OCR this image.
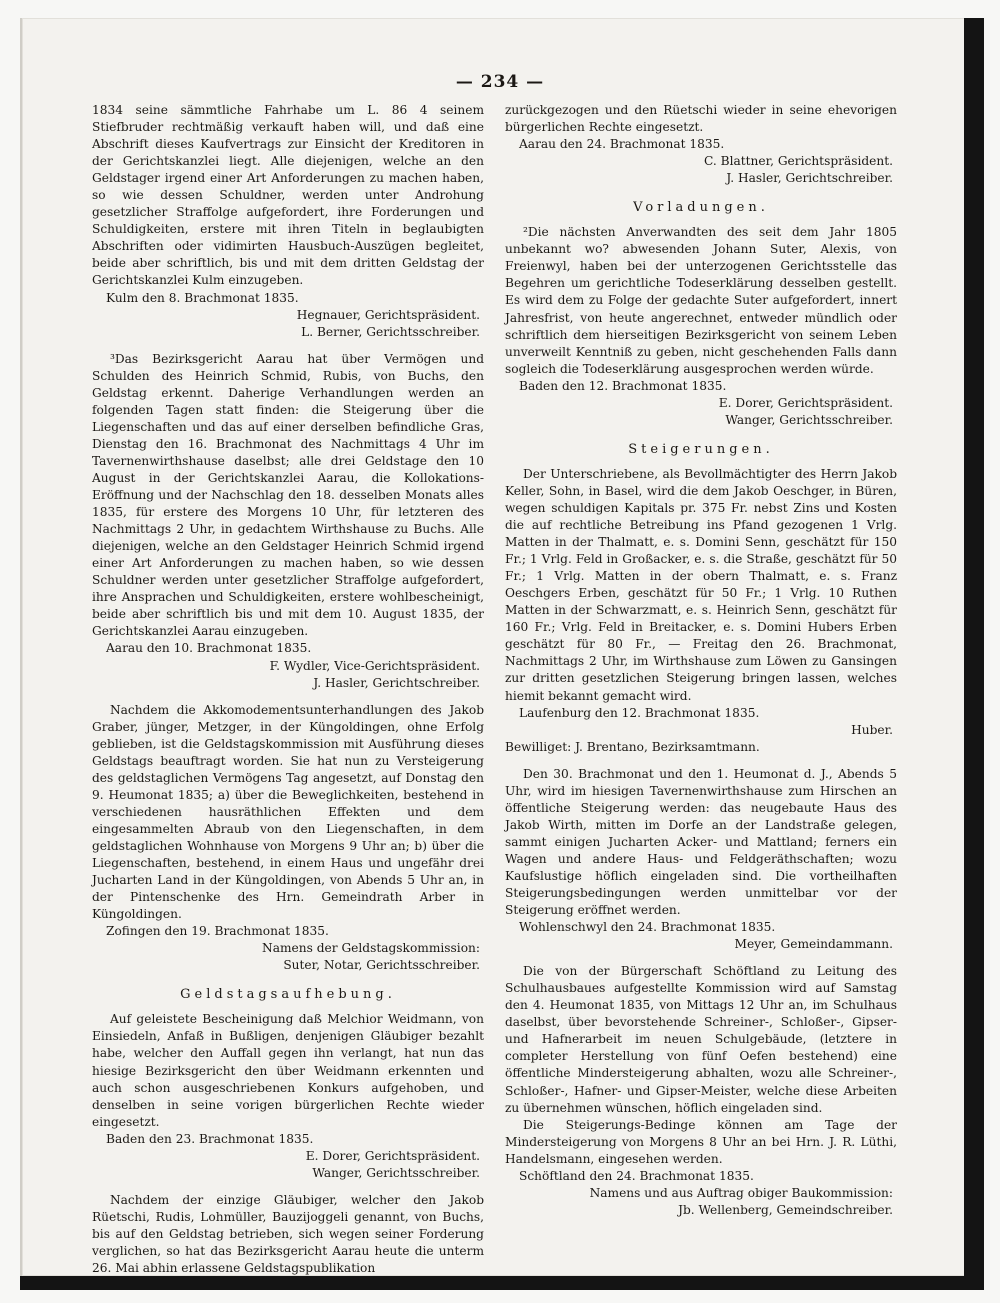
— 234 —

1834 seine sämmtliche Fahrhabe um L. 86 4 seinem Stiefbruder rechtmäßig verkauft haben will, und daß eine Abschrift dieses Kaufvertrags zur Einsicht der Kreditoren in der Gerichtskanzlei liegt. Alle diejenigen, welche an den Geldstager irgend einer Art Anforderungen zu machen haben, so wie dessen Schuldner, werden unter Androhung gesetzlicher Straffolge aufgefordert, ihre Forderungen und Schuldigkeiten, erstere mit ihren Titeln in beglaubigten Abschriften oder vidimirten Hausbuch-Auszügen begleitet, beide aber schriftlich, bis und mit dem dritten Geldstag der Gerichtskanzlei Kulm einzugeben.

Kulm den 8. Brachmonat 1835.

Hegnauer, Gerichtspräsident.

L. Berner, Gerichtsschreiber.

³Das Bezirksgericht Aarau hat über Vermögen und Schulden des Heinrich Schmid, Rubis, von Buchs, den Geldstag erkennt. Daherige Verhandlungen werden an folgenden Tagen statt finden: die Steigerung über die Liegenschaften und das auf einer derselben befindliche Gras, Dienstag den 16. Brachmonat des Nachmittags 4 Uhr im Tavernenwirthshause daselbst; alle drei Geldstage den 10 August in der Gerichtskanzlei Aarau, die Kollokations-Eröffnung und der Nachschlag den 18. desselben Monats alles 1835, für erstere des Morgens 10 Uhr, für letzteren des Nachmittags 2 Uhr, in gedachtem Wirthshause zu Buchs. Alle diejenigen, welche an den Geldstager Heinrich Schmid irgend einer Art Anforderungen zu machen haben, so wie dessen Schuldner werden unter gesetzlicher Straffolge aufgefordert, ihre Ansprachen und Schuldigkeiten, erstere wohlbescheinigt, beide aber schriftlich bis und mit dem 10. August 1835, der Gerichtskanzlei Aarau einzugeben.

Aarau den 10. Brachmonat 1835.

F. Wydler, Vice-Gerichtspräsident.

J. Hasler, Gerichtschreiber.

Nachdem die Akkomodementsunterhandlungen des Jakob Graber, jünger, Metzger, in der Küngoldingen, ohne Erfolg geblieben, ist die Geldstagskommission mit Ausführung dieses Geldstags beauftragt worden. Sie hat nun zu Versteigerung des geldstaglichen Vermögens Tag angesetzt, auf Donstag den 9. Heumonat 1835; a) über die Beweglichkeiten, bestehend in verschiedenen hausräthlichen Effekten und dem eingesammelten Abraub von den Liegenschaften, in dem geldstaglichen Wohnhause von Morgens 9 Uhr an; b) über die Liegenschaften, bestehend, in einem Haus und ungefähr drei Jucharten Land in der Küngoldingen, von Abends 5 Uhr an, in der Pintenschenke des Hrn. Gemeindrath Arber in Küngoldingen.

Zofingen den 19. Brachmonat 1835.

Namens der Geldstagskommission:

Suter, Notar, Gerichtsschreiber.

Geldstagsaufhebung.

Auf geleistete Bescheinigung daß Melchior Weidmann, von Einsiedeln, Anfaß in Bußligen, denjenigen Gläubiger bezahlt habe, welcher den Auffall gegen ihn verlangt, hat nun das hiesige Bezirksgericht den über Weidmann erkennten und auch schon ausgeschriebenen Konkurs aufgehoben, und denselben in seine vorigen bürgerlichen Rechte wieder eingesetzt.

Baden den 23. Brachmonat 1835.

E. Dorer, Gerichtspräsident.

Wanger, Gerichtsschreiber.

Nachdem der einzige Gläubiger, welcher den Jakob Rüetschi, Rudis, Lohmüller, Bauzijoggeli genannt, von Buchs, bis auf den Geldstag betrieben, sich wegen seiner Forderung verglichen, so hat das Bezirksgericht Aarau heute die unterm 26. Mai abhin erlassene Geldstagspublikation

zurückgezogen und den Rüetschi wieder in seine ehevorigen bürgerlichen Rechte eingesetzt.

Aarau den 24. Brachmonat 1835.

C. Blattner, Gerichtspräsident.

J. Hasler, Gerichtschreiber.

Vorladungen.

²Die nächsten Anverwandten des seit dem Jahr 1805 unbekannt wo? abwesenden Johann Suter, Alexis, von Freienwyl, haben bei der unterzogenen Gerichtsstelle das Begehren um gerichtliche Todeserklärung desselben gestellt. Es wird dem zu Folge der gedachte Suter aufgefordert, innert Jahresfrist, von heute angerechnet, entweder mündlich oder schriftlich dem hierseitigen Bezirksgericht von seinem Leben unverweilt Kenntniß zu geben, nicht geschehenden Falls dann sogleich die Todeserklärung ausgesprochen werden würde.

Baden den 12. Brachmonat 1835.

E. Dorer, Gerichtspräsident.

Wanger, Gerichtsschreiber.

Steigerungen.

Der Unterschriebene, als Bevollmächtigter des Herrn Jakob Keller, Sohn, in Basel, wird die dem Jakob Oeschger, in Büren, wegen schuldigen Kapitals pr. 375 Fr. nebst Zins und Kosten die auf rechtliche Betreibung ins Pfand gezogenen 1 Vrlg. Matten in der Thalmatt, e. s. Domini Senn, geschätzt für 150 Fr.; 1 Vrlg. Feld in Großacker, e. s. die Straße, geschätzt für 50 Fr.; 1 Vrlg. Matten in der obern Thalmatt, e. s. Franz Oeschgers Erben, geschätzt für 50 Fr.; 1 Vrlg. 10 Ruthen Matten in der Schwarzmatt, e. s. Heinrich Senn, geschätzt für 160 Fr.; Vrlg. Feld in Breitacker, e. s. Domini Hubers Erben geschätzt für 80 Fr., — Freitag den 26. Brachmonat, Nachmittags 2 Uhr, im Wirthshause zum Löwen zu Gansingen zur dritten gesetzlichen Steigerung bringen lassen, welches hiemit bekannt gemacht wird.

Laufenburg den 12. Brachmonat 1835.

Huber.

Bewilliget: J. Brentano, Bezirksamtmann.

Den 30. Brachmonat und den 1. Heumonat d. J., Abends 5 Uhr, wird im hiesigen Tavernenwirthshause zum Hirschen an öffentliche Steigerung werden: das neugebaute Haus des Jakob Wirth, mitten im Dorfe an der Landstraße gelegen, sammt einigen Jucharten Acker- und Mattland; ferners ein Wagen und andere Haus- und Feldgeräthschaften; wozu Kaufslustige höflich eingeladen sind. Die vortheilhaften Steigerungsbedingungen werden unmittelbar vor der Steigerung eröffnet werden.

Wohlenschwyl den 24. Brachmonat 1835.

Meyer, Gemeindammann.

Die von der Bürgerschaft Schöftland zu Leitung des Schulhausbaues aufgestellte Kommission wird auf Samstag den 4. Heumonat 1835, von Mittags 12 Uhr an, im Schulhaus daselbst, über bevorstehende Schreiner-, Schloßer-, Gipser- und Hafnerarbeit im neuen Schulgebäude, (letztere in completer Herstellung von fünf Oefen bestehend) eine öffentliche Mindersteigerung abhalten, wozu alle Schreiner-, Schloßer-, Hafner- und Gipser-Meister, welche diese Arbeiten zu übernehmen wünschen, höflich eingeladen sind.

Die Steigerungs-Bedinge können am Tage der Mindersteigerung von Morgens 8 Uhr an bei Hrn. J. R. Lüthi, Handelsmann, eingesehen werden.

Schöftland den 24. Brachmonat 1835.

Namens und aus Auftrag obiger Baukommission:

Jb. Wellenberg, Gemeindschreiber.
